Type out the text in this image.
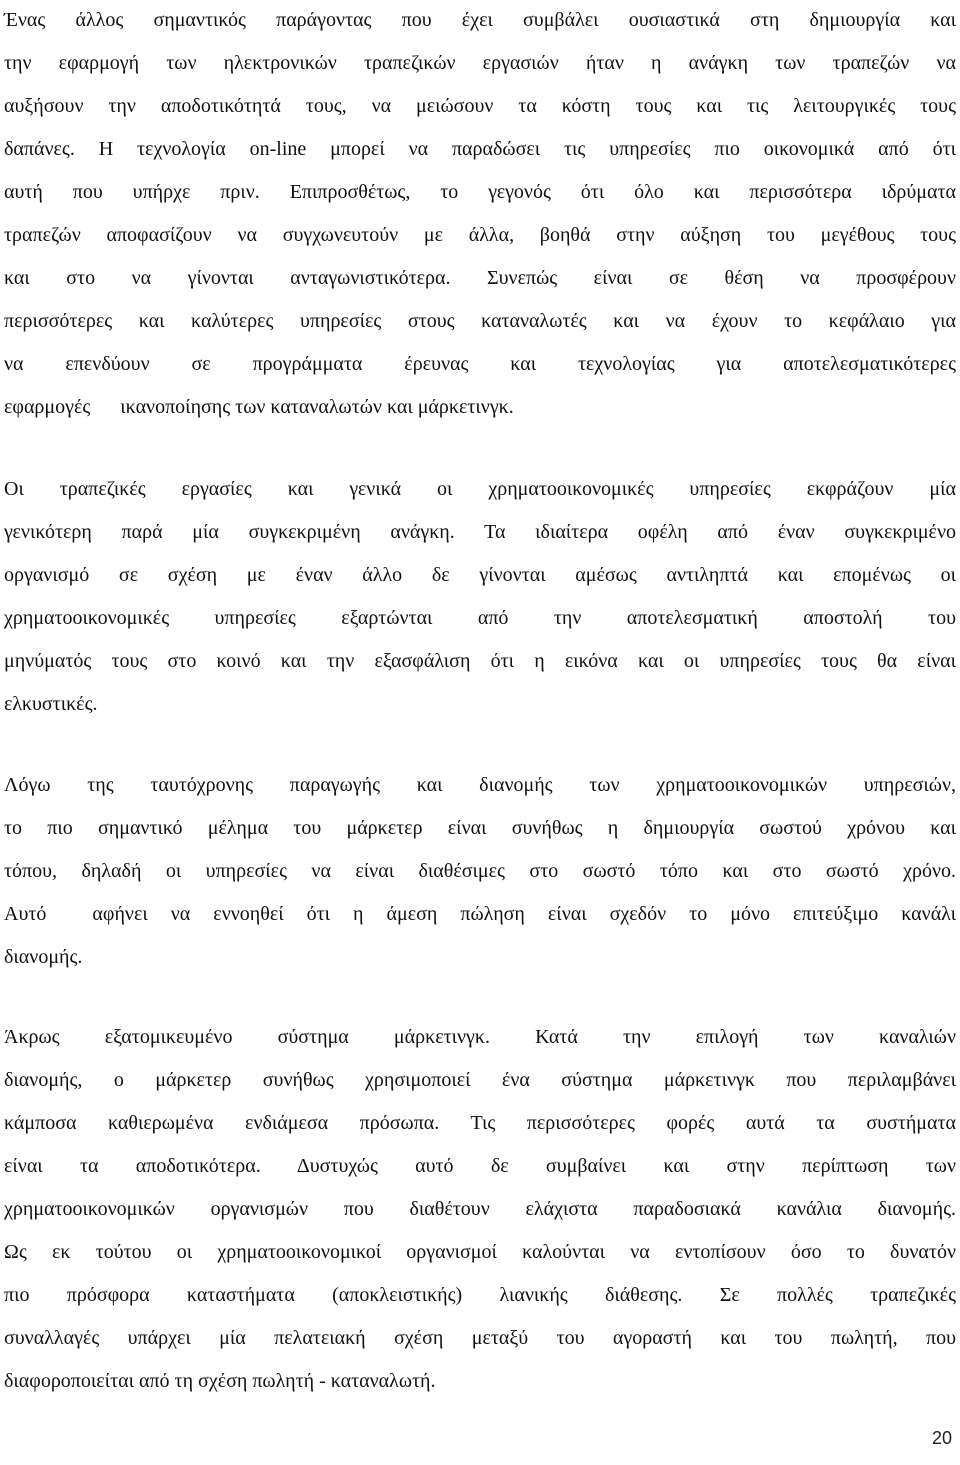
Ένας άλλος σημαντικός παράγοντας που έχει συμβάλει ουσιαστικά στη δημιουργία και
την εφαρμογή των ηλεκτρονικών τραπεζικών εργασιών ήταν η ανάγκη των τραπεζών να
αυξήσουν την αποδοτικότητά τους, να μειώσουν τα κόστη τους και τις λειτουργικές τους
δαπάνες. Η τεχνολογία on-line μπορεί να παραδώσει τις υπηρεσίες πιο οικονομικά από ότι
αυτή που υπήρχε πριν. Επιπροσθέτως, το γεγονός ότι όλο και περισσότερα ιδρύματα
τραπεζών αποφασίζουν να συγχωνευτούν με άλλα, βοηθά στην αύξηση του μεγέθους τους
και στο να γίνονται ανταγωνιστικότερα. Συνεπώς είναι σε θέση να προσφέρουν
περισσότερες και καλύτερες υπηρεσίες στους καταναλωτές και να έχουν το κεφάλαιο για
να επενδύουν σε προγράμματα έρευνας και τεχνολογίας για αποτελεσματικότερες
εφαρμογές      ικανοποίησης των καταναλωτών και μάρκετινγκ.
Οι τραπεζικές εργασίες και γενικά οι χρηματοοικονομικές υπηρεσίες εκφράζουν μία
γενικότερη παρά μία συγκεκριμένη ανάγκη. Τα ιδιαίτερα οφέλη από έναν συγκεκριμένο
οργανισμό σε σχέση με έναν άλλο δε γίνονται αμέσως αντιληπτά και επομένως οι
χρηματοοικονομικές υπηρεσίες εξαρτώνται από την αποτελεσματική αποστολή του
μηνύματός τους στο κοινό και την εξασφάλιση ότι η εικόνα και οι υπηρεσίες τους θα είναι
ελκυστικές.
Λόγω της ταυτόχρονης παραγωγής και διανομής των χρηματοοικονομικών υπηρεσιών,
το πιο σημαντικό μέλημα του μάρκετερ είναι συνήθως η δημιουργία σωστού χρόνου και
τόπου, δηλαδή οι υπηρεσίες να είναι διαθέσιμες στο σωστό τόπο και στο σωστό χρόνο.
Αυτό  αφήνει να εννοηθεί ότι η άμεση πώληση είναι σχεδόν το μόνο επιτεύξιμο κανάλι
διανομής.
Άκρως εξατομικευμένο σύστημα μάρκετινγκ. Κατά την επιλογή των καναλιών
διανομής, ο μάρκετερ συνήθως χρησιμοποιεί ένα σύστημα μάρκετινγκ που περιλαμβάνει
κάμποσα καθιερωμένα ενδιάμεσα πρόσωπα. Τις περισσότερες φορές αυτά τα συστήματα
είναι τα αποδοτικότερα. Δυστυχώς αυτό δε συμβαίνει και στην περίπτωση των
χρηματοοικονομικών οργανισμών που διαθέτουν ελάχιστα παραδοσιακά κανάλια διανομής.
Ως εκ τούτου οι χρηματοοικονομικοί οργανισμοί καλούνται να εντοπίσουν όσο το δυνατόν
πιο πρόσφορα καταστήματα (αποκλειστικής) λιανικής διάθεσης. Σε πολλές τραπεζικές
συναλλαγές υπάρχει μία πελατειακή σχέση μεταξύ του αγοραστή και του πωλητή, που
διαφοροποιείται από τη σχέση πωλητή - καταναλωτή.
20
